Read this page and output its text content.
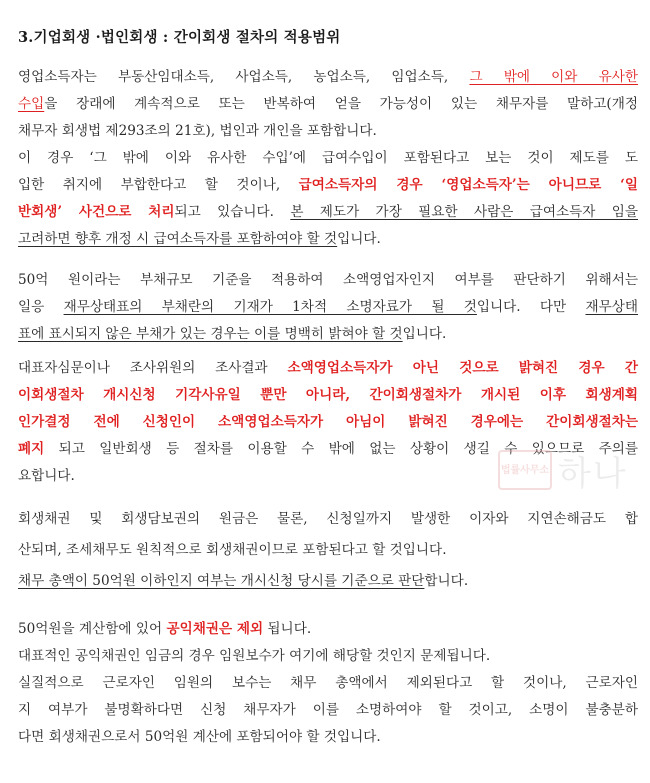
3.기업회생 ·법인회생 : 간이회생 절차의 적용범위
영업소득자는 부동산임대소득, 사업소득, 농업소득, 임업소득, 그 밖에 이와 유사한
수입을 장래에 계속적으로 또는 반복하여 얻을 가능성이 있는 채무자를 말하고(개정
채무자 회생법 제293조의 21호), 법인과 개인을 포함합니다.
이 경우 ‘그 밖에 이와 유사한 수입’에 급여수입이 포함된다고 보는 것이 제도를 도
입한 취지에 부합한다고 할 것이나, 급여소득자의 경우 ‘영업소득자’는 아니므로 ‘일
반회생’ 사건으로 처리되고 있습니다. 본 제도가 가장 필요한 사람은 급여소득자 임을
고려하면 향후 개정 시 급여소득자를 포함하여야 할 것입니다.
50억 원이라는 부채규모 기준을 적용하여 소액영업자인지 여부를 판단하기 위해서는
일응 재무상태표의 부채란의 기재가 1차적 소명자료가 될 것입니다. 다만 재무상태
표에 표시되지 않은 부채가 있는 경우는 이를 명백히 밝혀야 할 것입니다.
대표자심문이나 조사위원의 조사결과 소액영업소득자가 아닌 것으로 밝혀진 경우 간
이회생절차 개시신청 기각사유일 뿐만 아니라, 간이회생절차가 개시된 이후 회생계획
인가결정 전에 신청인이 소액영업소득자가 아님이 밝혀진 경우에는 간이회생절차는
폐지 되고 일반회생 등 절차를 이용할 수 밖에 없는 상황이 생길 수 있으므로 주의를
요합니다.	법률사무소 하나
회생채권 및 회생담보권의 원금은 물론, 신청일까지 발생한 이자와 지연손해금도 합
산되며, 조세채무도 원칙적으로 회생채권이므로 포함된다고 할 것입니다.
채무 총액이 50억원 이하인지 여부는 개시신청 당시를 기준으로 판단합니다.
50억원을 계산함에 있어 공익채권은 제외 됩니다.
대표적인 공익채권인 임금의 경우 임원보수가 여기에 해당할 것인지 문제됩니다.
실질적으로 근로자인 임원의 보수는 채무 총액에서 제외된다고 할 것이나, 근로자인
지 여부가 불명확하다면 신청 채무자가 이를 소명하여야 할 것이고, 소명이 불충분하
다면 회생채권으로서 50억원 계산에 포함되어야 할 것입니다.
